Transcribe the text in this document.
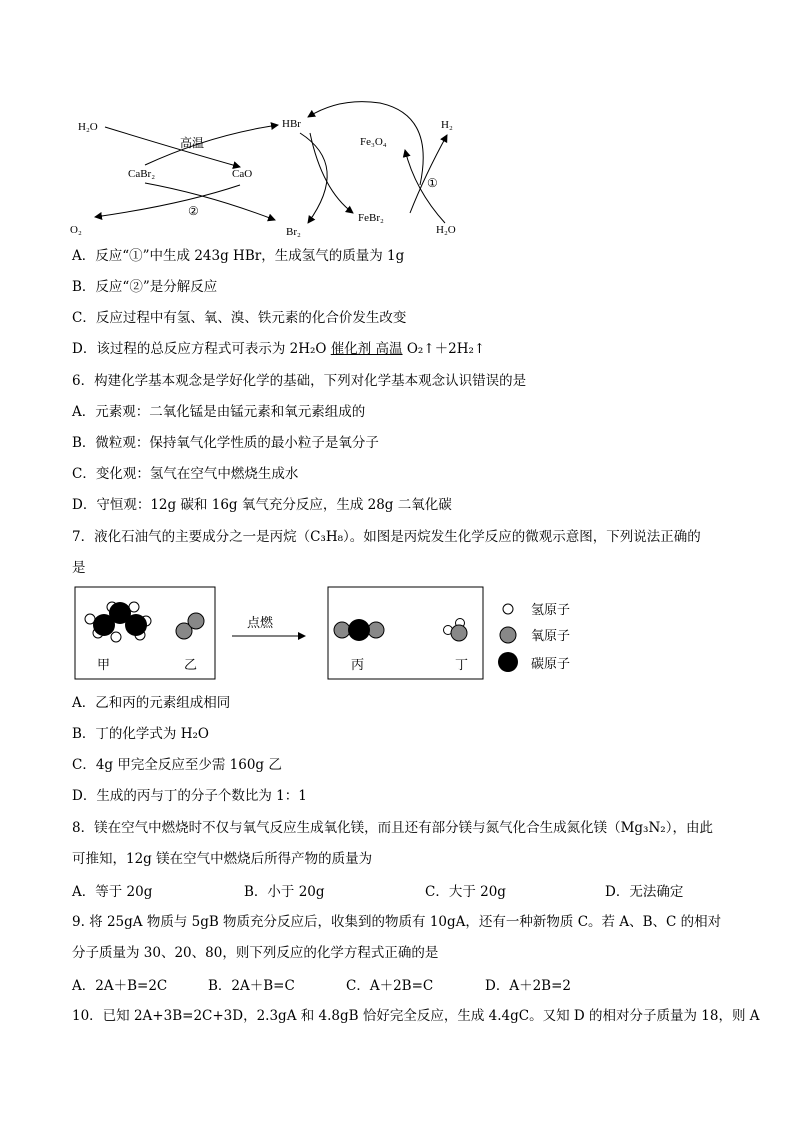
H₂O	HBr
Fe₃O₄
H₂
高温
CaBr₂	CaO
①
②
O₂	Br₂
FeBr₂
H₂O
A．反应“①”中生成 243g HBr，生成氢气的质量为 1g
B．反应“②”是分解反应
C．反应过程中有氢、氧、溴、铁元素的化合价发生改变
D．该过程的总反应方程式可表示为 2H₂O 催化剂 高温 O₂↑＋2H₂↑
6．构建化学基本观念是学好化学的基础，下列对化学基本观念认识错误的是
A．元素观：二氧化锰是由锰元素和氧元素组成的
B．微粒观：保持氧气化学性质的最小粒子是氧分子
C．变化观：氢气在空气中燃烧生成水
D．守恒观：12g 碳和 16g 氧气充分反应，生成 28g 二氧化碳
7．液化石油气的主要成分之一是丙烷（C₃H₈）。如图是丙烷发生化学反应的微观示意图，下列说法正确的
是
甲	乙
点燃
丙	丁
氢原子
氧原子
碳原子
A．乙和丙的元素组成相同
B．丁的化学式为 H₂O
C．4g 甲完全反应至少需 160g 乙
D．生成的丙与丁的分子个数比为 1：1
8．镁在空气中燃烧时不仅与氧气反应生成氧化镁，而且还有部分镁与氮气化合生成氮化镁（Mg₃N₂），由此
可推知，12g 镁在空气中燃烧后所得产物的质量为
A．等于 20g	B．小于 20g	C．大于 20g	D．无法确定
9. 将 25gA 物质与 5gB 物质充分反应后，收集到的物质有 10gA，还有一种新物质 C。若 A、B、C 的相对
分子质量为 30、20、80，则下列反应的化学方程式正确的是
A．2A＋B=2C	B．2A＋B=C	C．A＋2B=C	D．A＋2B=2
10．已知 2A+3B=2C+3D，2.3gA 和 4.8gB 恰好完全反应，生成 4.4gC。又知 D 的相对分子质量为 18，则 A
